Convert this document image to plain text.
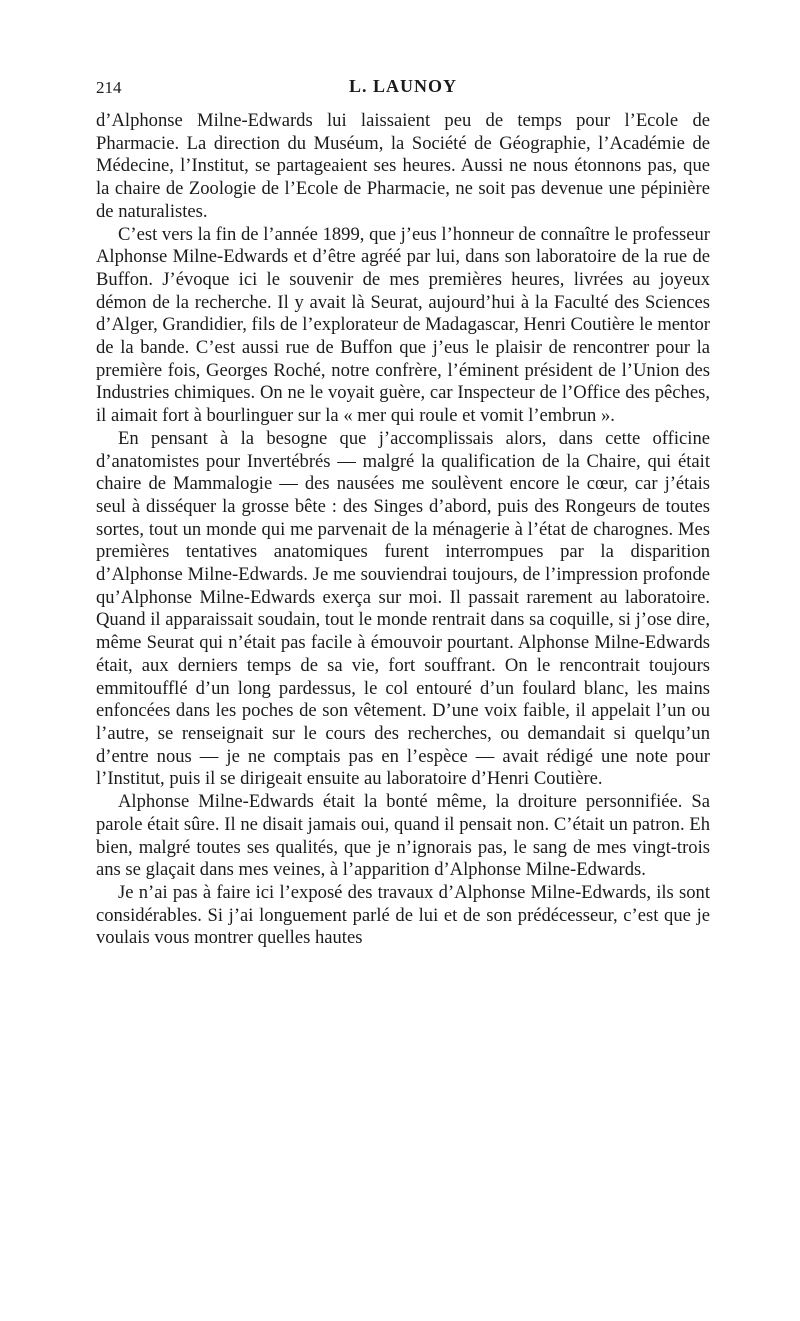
214	L. LAUNOY

d’Alphonse Milne-Edwards lui laissaient peu de temps pour l’Ecole de Pharmacie. La direction du Muséum, la Société de Géographie, l’Académie de Médecine, l’Institut, se partageaient ses heures. Aussi ne nous étonnons pas, que la chaire de Zoologie de l’Ecole de Pharmacie, ne soit pas devenue une pépinière de naturalistes.

C’est vers la fin de l’année 1899, que j’eus l’honneur de connaître le professeur Alphonse Milne-Edwards et d’être agréé par lui, dans son laboratoire de la rue de Buffon. J’évoque ici le souvenir de mes premières heures, livrées au joyeux démon de la recherche. Il y avait là Seurat, aujourd’hui à la Faculté des Sciences d’Alger, Grandidier, fils de l’explorateur de Madagascar, Henri Coutière le mentor de la bande. C’est aussi rue de Buffon que j’eus le plaisir de rencontrer pour la première fois, Georges Roché, notre confrère, l’éminent président de l’Union des Industries chimiques. On ne le voyait guère, car Inspecteur de l’Office des pêches, il aimait fort à bourlinguer sur la « mer qui roule et vomit l’embrun ».

En pensant à la besogne que j’accomplissais alors, dans cette officine d’anatomistes pour Invertébrés — malgré la qualification de la Chaire, qui était chaire de Mammalogie — des nausées me soulèvent encore le cœur, car j’étais seul à disséquer la grosse bête : des Singes d’abord, puis des Rongeurs de toutes sortes, tout un monde qui me parvenait de la ménagerie à l’état de charognes. Mes premières tentatives anatomiques furent interrompues par la disparition d’Alphonse Milne-Edwards. Je me souviendrai toujours, de l’impression profonde qu’Alphonse Milne-Edwards exerça sur moi. Il passait rarement au laboratoire. Quand il apparaissait soudain, tout le monde rentrait dans sa coquille, si j’ose dire, même Seurat qui n’était pas facile à émouvoir pourtant. Alphonse Milne-Edwards était, aux derniers temps de sa vie, fort souffrant. On le rencontrait toujours emmitoufflé d’un long pardessus, le col entouré d’un foulard blanc, les mains enfoncées dans les poches de son vêtement. D’une voix faible, il appelait l’un ou l’autre, se renseignait sur le cours des recherches, ou demandait si quelqu’un d’entre nous — je ne comptais pas en l’espèce — avait rédigé une note pour l’Institut, puis il se dirigeait ensuite au laboratoire d’Henri Coutière.

Alphonse Milne-Edwards était la bonté même, la droiture personnifiée. Sa parole était sûre. Il ne disait jamais oui, quand il pensait non. C’était un patron. Eh bien, malgré toutes ses qualités, que je n’ignorais pas, le sang de mes vingt-trois ans se glaçait dans mes veines, à l’apparition d’Alphonse Milne-Edwards.

Je n’ai pas à faire ici l’exposé des travaux d’Alphonse Milne-Edwards, ils sont considérables. Si j’ai longuement parlé de lui et de son prédécesseur, c’est que je voulais vous montrer quelles hautes
